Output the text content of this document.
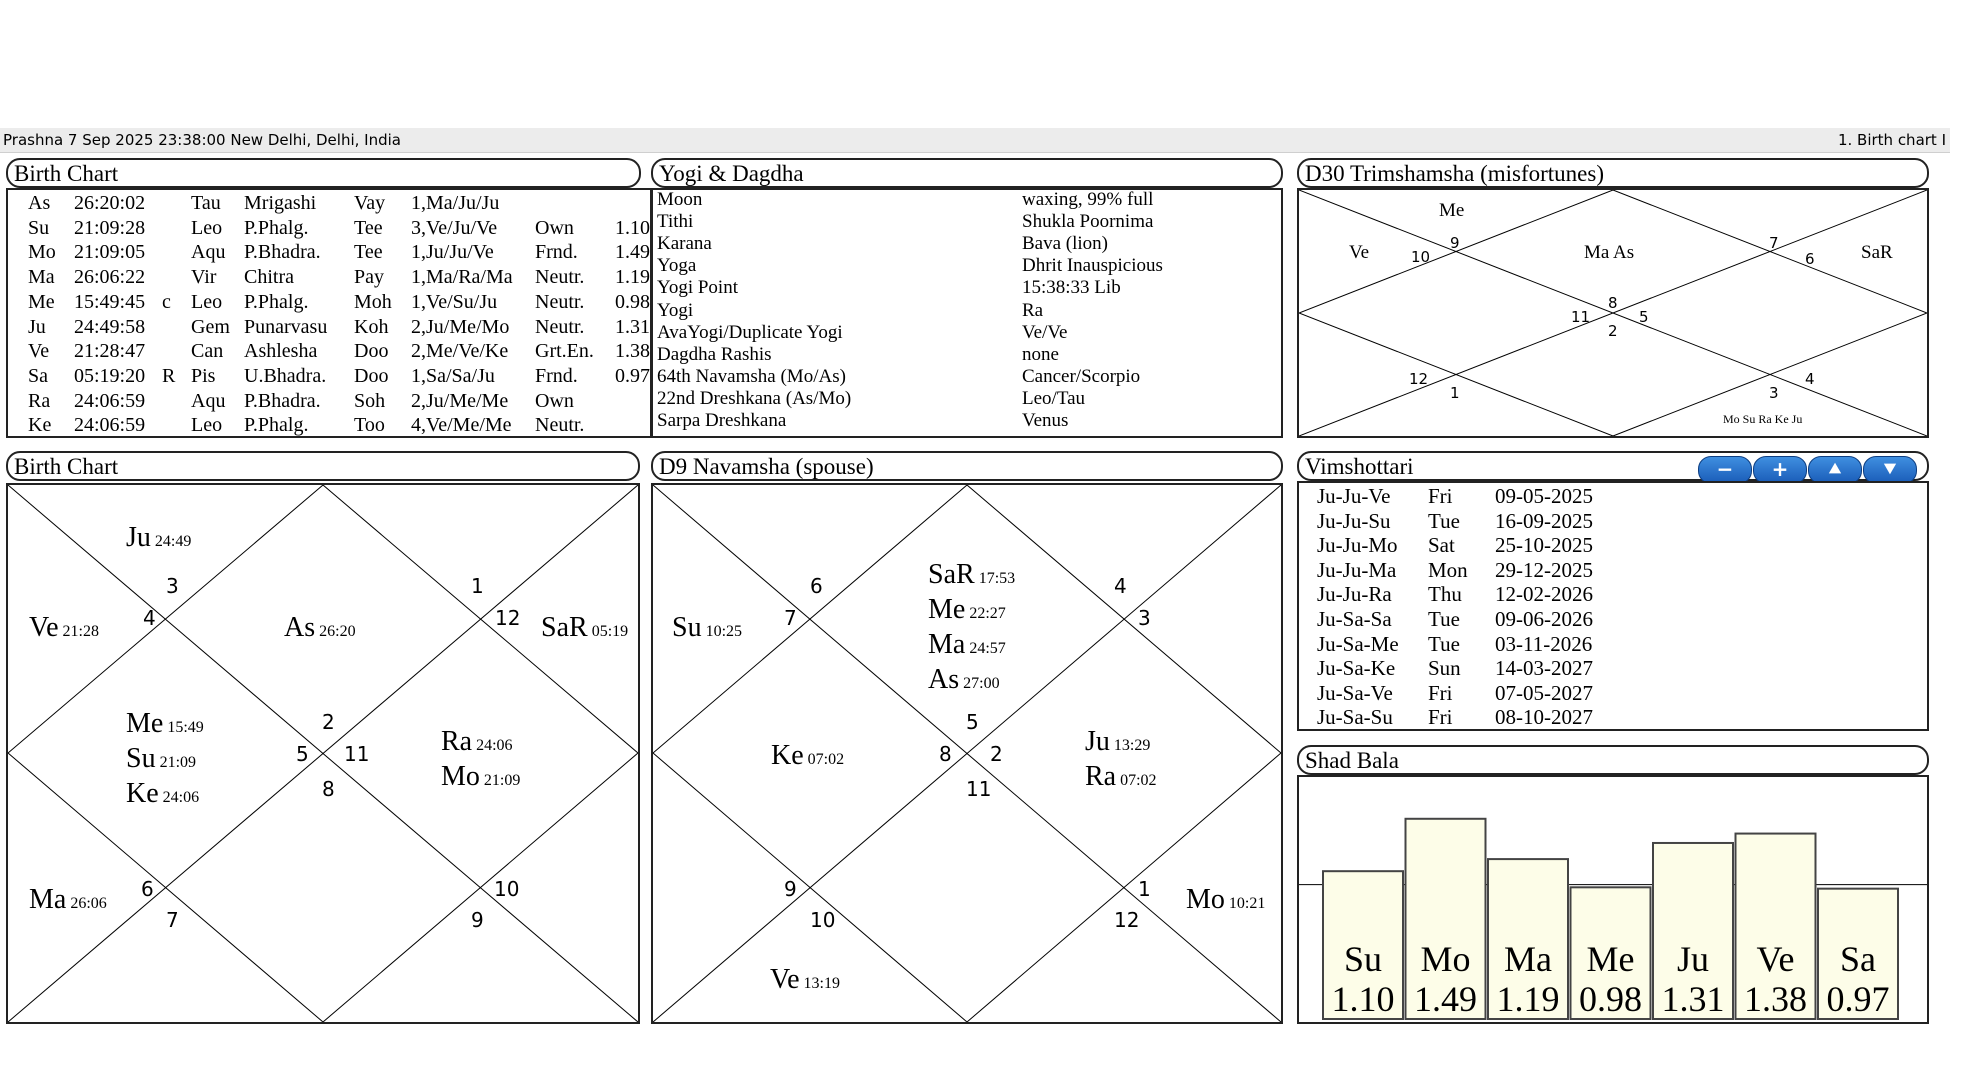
Prashna 7 Sep 2025 23:38:00 New Delhi, Delhi, India	1. Birth chart I
Birth Chart	Yogi & Dagdha	D30 Trimshamsha (misfortunes)
Birth Chart	D9 Navamsha (spouse)	Vimshottari
Shad Bala
−	+	⯅	⯆
As 26:20:02 Tau Mrigashi Vay 1,Ma/Ju/Ju
Su 21:09:28 Leo P.Phalg. Tee 3,Ve/Ju/Ve Own 1.10
Mo 21:09:05 Aqu P.Bhadra. Tee 1,Ju/Ju/Ve Frnd. 1.49
Ma 26:06:22 Vir Chitra	Pay 1,Ma/Ra/Ma Neutr. 1.19
Me 15:49:45 c Leo P.Phalg. Moh 1,Ve/Su/Ju Neutr. 0.98
Ju 24:49:58 Gem Punarvasu Koh 2,Ju/Me/Mo Neutr. 1.31
Ve 21:28:47 Can Ashlesha Doo 2,Me/Ve/Ke Grt.En. 1.38
Sa 05:19:20 R Pis U.Bhadra. Doo 1,Sa/Sa/Ju Frnd. 0.97
Ra 24:06:59 Aqu P.Bhadra. Soh 2,Ju/Me/Me Own
Ke 24:06:59 Leo P.Phalg. Too 4,Ve/Me/Me Neutr.
Moon	waxing, 99% full
Tithi	Shukla Poornima
Karana	Bava (lion)
Yoga	Dhrit Inauspicious
Yogi Point	15:38:33 Lib
Yogi	Ra
AvaYogi/Duplicate Yogi	Ve/Ve
Dagdha Rashis	none
64th Navamsha (Mo/As)	Cancer/Scorpio
22nd Dreshkana (As/Mo)	Leo/Tau
Sarpa Dreshkana	Venus
Me
Ve	Ma As	SaR
Mo Su Ra Ke Ju
9
10
7
6
8
11	5
2
12
1	3
4
3
4
1
12
2
5 11
8
6
7
10
9
Ju 24:49
Ve 21:28	As 26:20	SaR 05:19
Me 15:49
Su 21:09
Ke 24:06
Ra 24:06
Mo 21:09
Ma 26:06
6
7
4
3
5
8 2
11
9
10
1
12
SaR 17:53
Me 22:27
Ma 24:57
As 27:00
Su 10:25
Ke 07:02
Ju 13:29
Ra 07:02
Mo 10:21
Ve 13:19
Ju-Ju-Ve Fri 09-05-2025
Ju-Ju-Su Tue 16-09-2025
Ju-Ju-Mo Sat 25-10-2025
Ju-Ju-Ma Mon 29-12-2025
Ju-Ju-Ra Thu 12-02-2026
Ju-Sa-Sa Tue 09-06-2026
Ju-Sa-Me Tue 03-11-2026
Ju-Sa-Ke Sun 14-03-2027
Ju-Sa-Ve Fri 07-05-2027
Ju-Sa-Su Fri 08-10-2027
Su
1.10
Mo
1.49
Ma
1.19
Me
0.98
Ju
1.31
Ve
1.38
Sa
0.97
